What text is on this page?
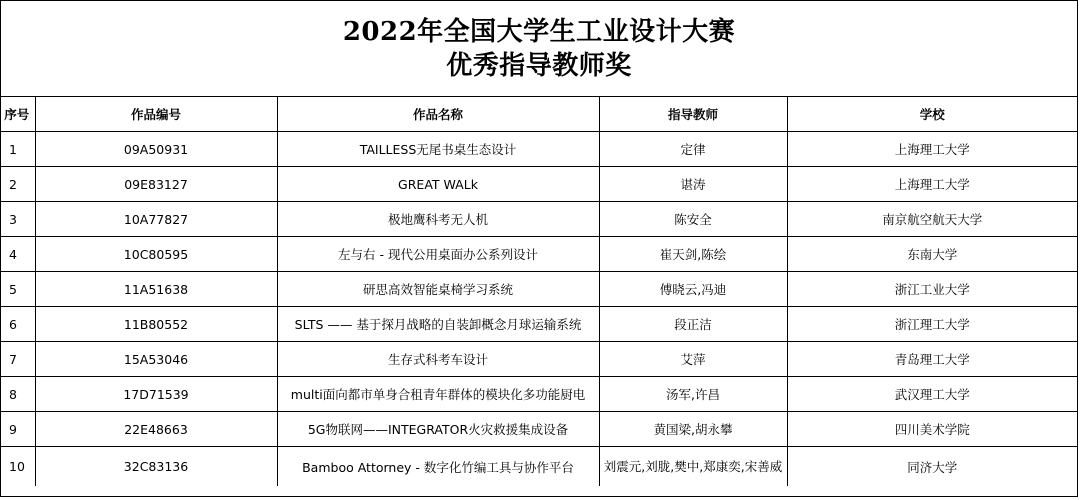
2022年全国大学生工业设计大赛
优秀指导教师奖
序号	作品编号	作品名称	指导教师	学校
1	09A50931	TAILLESS无尾书桌生态设计	定律	上海理工大学
2	09E83127	GREAT WALk	谌涛	上海理工大学
3	10A77827	极地鹰科考无人机	陈安全	南京航空航天大学
4	10C80595	左与右 - 现代公用桌面办公系列设计	崔天剑,陈绘	东南大学
5	11A51638	研思高效智能桌椅学习系统	傅晓云,冯迪	浙江工业大学
6	11B80552	SLTS —— 基于探月战略的自装卸概念月球运输系统	段正洁	浙江理工大学
7	15A53046	生存式科考车设计	艾萍	青岛理工大学
8	17D71539	multi面向都市单身合租青年群体的模块化多功能厨电	汤军,许昌	武汉理工大学
9	22E48663	5G物联网——INTEGRATOR火灾救援集成设备	黄国梁,胡永攀	四川美术学院
10	32C83136	Bamboo Attorney - 数字化竹编工具与协作平台	刘震元,刘胧,樊中,郑康奕,宋善威	同济大学
